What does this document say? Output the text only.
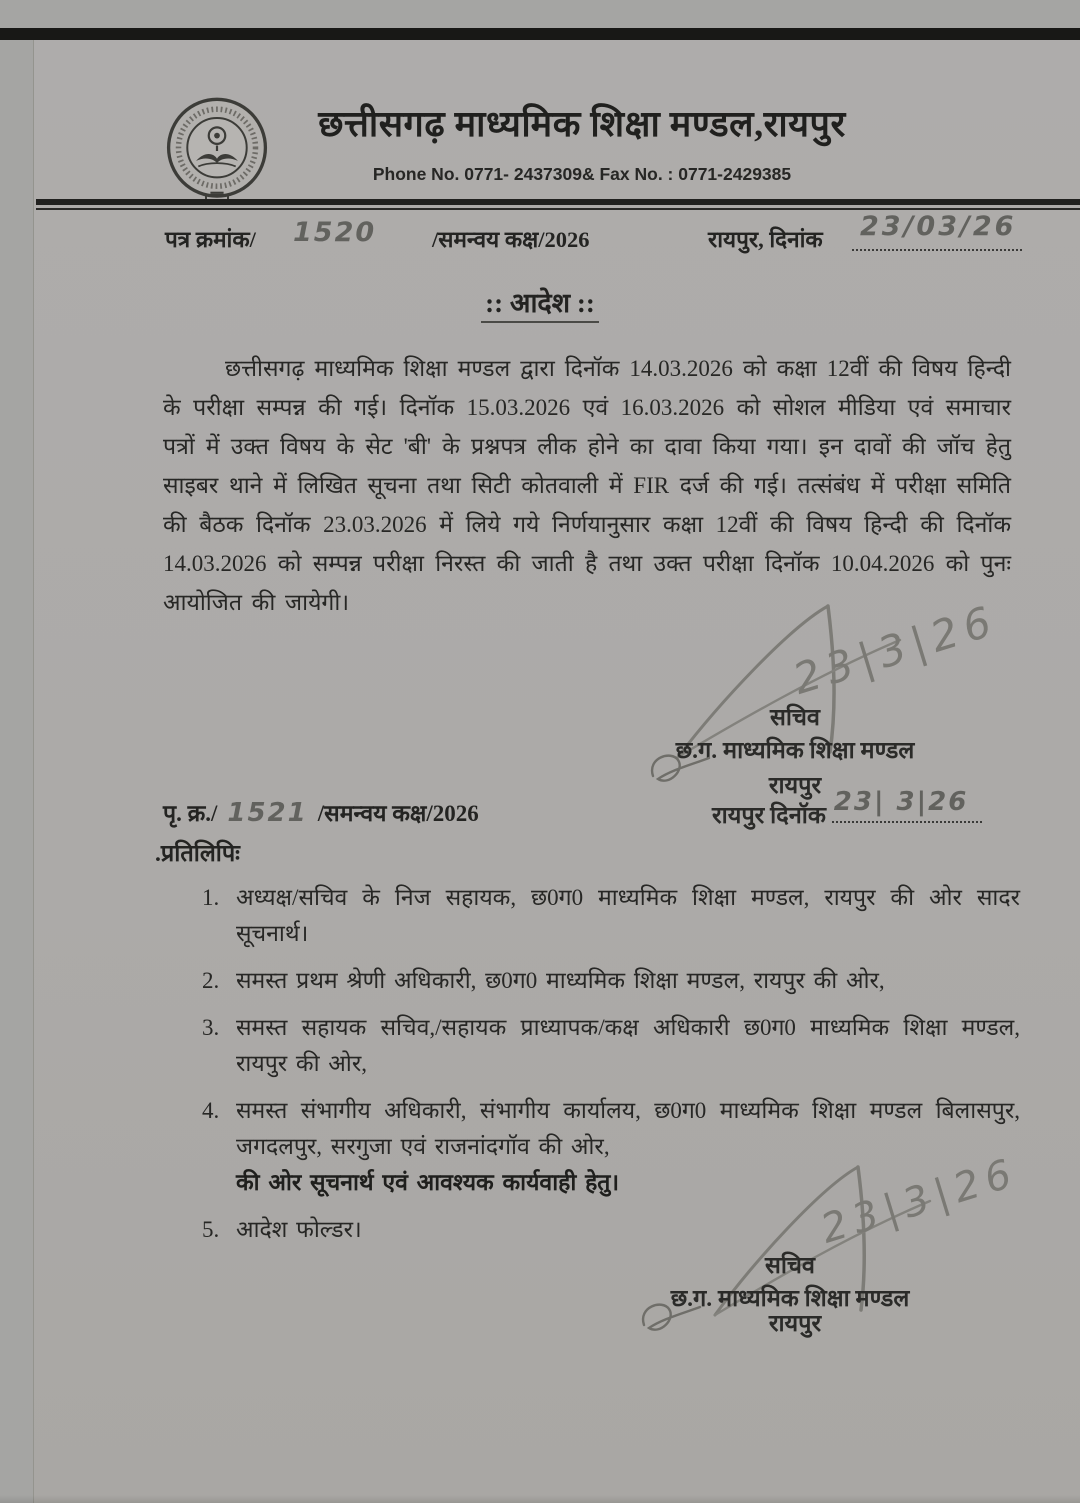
छत्तीसगढ़ माध्यमिक शिक्षा मण्डल,रायपुर
Phone No. 0771- 2437309& Fax No. : 0771-2429385
पत्र क्रमांक/ 1520 /समन्वय कक्ष/2026	रायपुर, दिनांक 23/03/26
:: आदेश ::
छत्तीसगढ़ माध्यमिक शिक्षा मण्डल द्वारा दिनॉक 14.03.2026 को कक्षा 12वीं की विषय हिन्दी के परीक्षा सम्पन्न की गई। दिनॉक 15.03.2026 एवं 16.03.2026 को सोशल मीडिया एवं समाचार पत्रों में उक्त विषय के सेट 'बी' के प्रश्नपत्र लीक होने का दावा किया गया। इन दावों की जॉच हेतु साइबर थाने में लिखित सूचना तथा सिटी कोतवाली में FIR दर्ज की गई। तत्संबंध में परीक्षा समिति की बैठक दिनॉक 23.03.2026 में लिये गये निर्णयानुसार कक्षा 12वीं की विषय हिन्दी की दिनॉक 14.03.2026 को सम्पन्न परीक्षा निरस्त की जाती है तथा उक्त परीक्षा दिनॉक 10.04.2026 को पुनः आयोजित की जायेगी।	23|3|26
सचिव
छ.ग. माध्यमिक शिक्षा मण्डल
रायपुर
रायपुर दिनॉक 23| 3|26
पृ. क्र./ 1521 /समन्वय कक्ष/2026
.प्रतिलिपिः
1. अध्यक्ष/सचिव के निज सहायक, छ0ग0 माध्यमिक शिक्षा मण्डल, रायपुर की ओर सादर सूचनार्थ।
2. समस्त प्रथम श्रेणी अधिकारी, छ0ग0 माध्यमिक शिक्षा मण्डल, रायपुर की ओर,
3. समस्त सहायक सचिव,/सहायक प्राध्यापक/कक्ष अधिकारी छ0ग0 माध्यमिक शिक्षा मण्डल, रायपुर की ओर,
4. समस्त संभागीय अधिकारी, संभागीय कार्यालय, छ0ग0 माध्यमिक शिक्षा मण्डल बिलासपुर, जगदलपुर, सरगुजा एवं राजनांदगॉव की ओर,
की ओर सूचनार्थ एवं आवश्यक कार्यवाही हेतु।
5. आदेश फोल्डर।	23|3|26
सचिव
छ.ग. माध्यमिक शिक्षा मण्डल
रायपुर
